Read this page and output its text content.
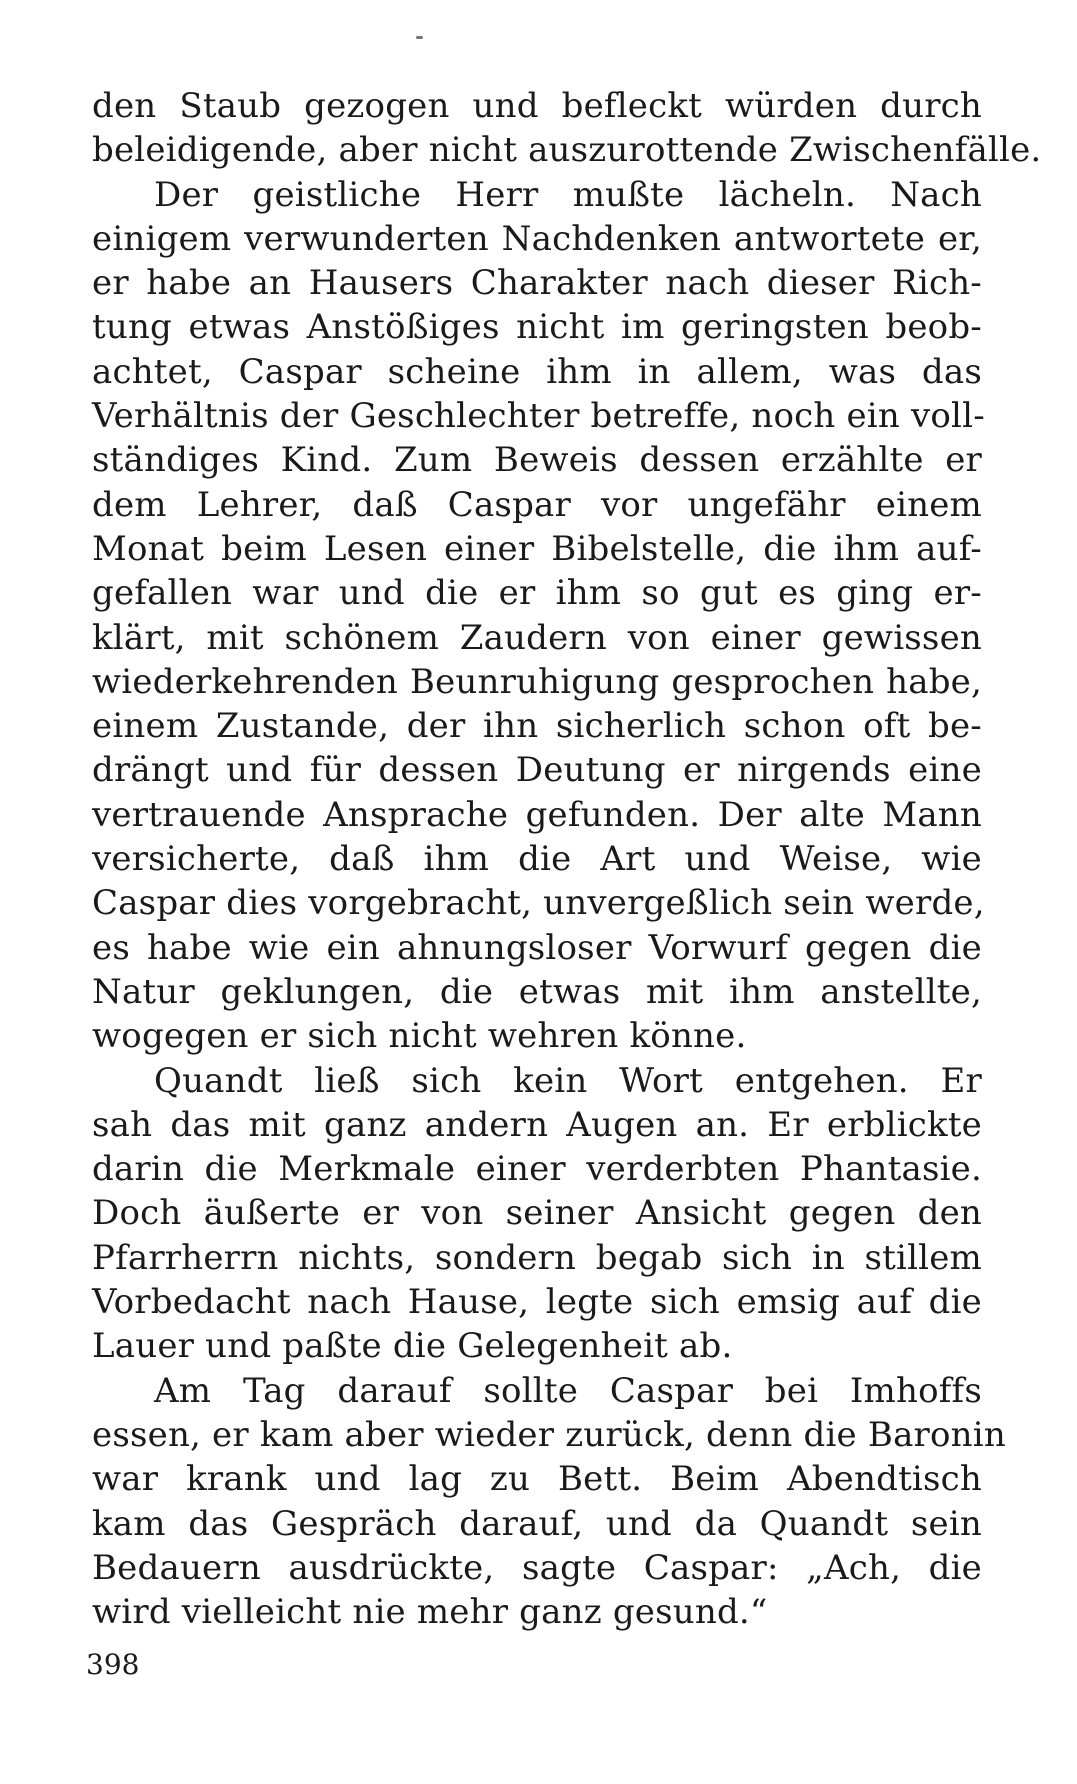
den Staub gezogen und befleckt würden durch
beleidigende, aber nicht auszurottende Zwischenfälle.
Der geistliche Herr mußte lächeln. Nach
einigem verwunderten Nachdenken antwortete er,
er habe an Hausers Charakter nach dieser Rich-
tung etwas Anstößiges nicht im geringsten beob-
achtet, Caspar scheine ihm in allem, was das
Verhältnis der Geschlechter betreffe, noch ein voll-
ständiges Kind. Zum Beweis dessen erzählte er
dem Lehrer, daß Caspar vor ungefähr einem
Monat beim Lesen einer Bibelstelle, die ihm auf-
gefallen war und die er ihm so gut es ging er-
klärt, mit schönem Zaudern von einer gewissen
wiederkehrenden Beunruhigung gesprochen habe,
einem Zustande, der ihn sicherlich schon oft be-
drängt und für dessen Deutung er nirgends eine
vertrauende Ansprache gefunden. Der alte Mann
versicherte, daß ihm die Art und Weise, wie
Caspar dies vorgebracht, unvergeßlich sein werde,
es habe wie ein ahnungsloser Vorwurf gegen die
Natur geklungen, die etwas mit ihm anstellte,
wogegen er sich nicht wehren könne.
Quandt ließ sich kein Wort entgehen. Er
sah das mit ganz andern Augen an. Er erblickte
darin die Merkmale einer verderbten Phantasie.
Doch äußerte er von seiner Ansicht gegen den
Pfarrherrn nichts, sondern begab sich in stillem
Vorbedacht nach Hause, legte sich emsig auf die
Lauer und paßte die Gelegenheit ab.
Am Tag darauf sollte Caspar bei Imhoffs
essen, er kam aber wieder zurück, denn die Baronin
war krank und lag zu Bett. Beim Abendtisch
kam das Gespräch darauf, und da Quandt sein
Bedauern ausdrückte, sagte Caspar: „Ach, die
wird vielleicht nie mehr ganz gesund.“
398
